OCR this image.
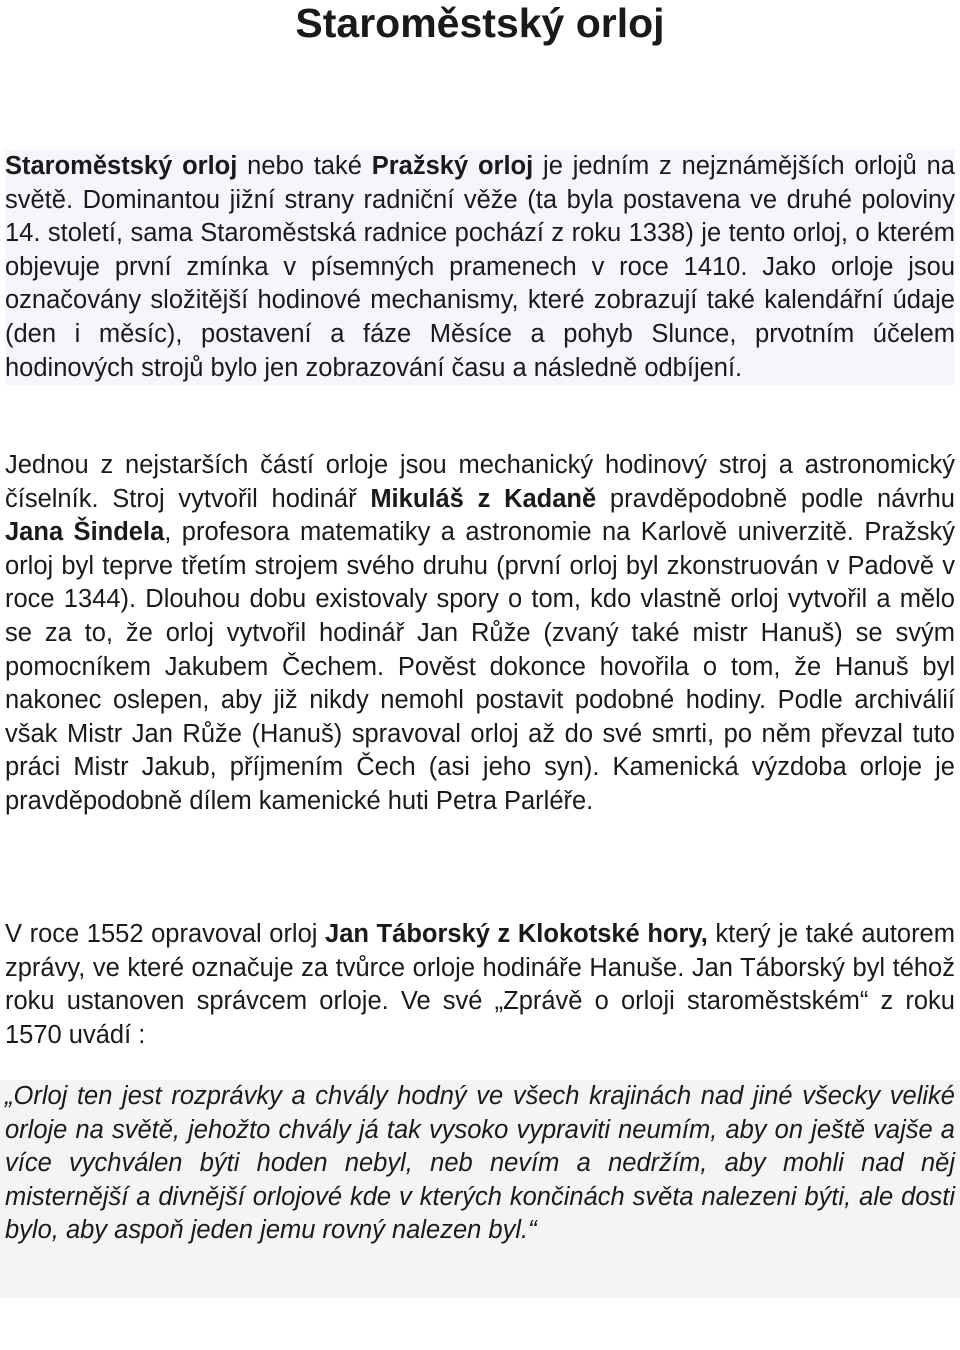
Staroměstský orloj

Staroměstský orloj nebo také Pražský orloj je jedním z nejznámějších orlojů na světě. Dominantou jižní strany radniční věže (ta byla postavena ve druhé poloviny 14. století, sama Staroměstská radnice pochází z roku 1338) je tento orloj, o kterém objevuje první zmínka v písemných pramenech v roce 1410. Jako orloje jsou označovány složitější hodinové mechanismy, které zobrazují také kalendářní údaje (den i měsíc), postavení a fáze Měsíce a pohyb Slunce, prvotním účelem hodinových strojů bylo jen zobrazování času a následně odbíjení.

Jednou z nejstarších částí orloje jsou mechanický hodinový stroj a astronomický číselník. Stroj vytvořil hodinář Mikuláš z Kadaně pravděpodobně podle návrhu Jana Šindela, profesora matematiky a astronomie na Karlově univerzitě. Pražský orloj byl teprve třetím strojem svého druhu (první orloj byl zkonstruován v Padově v roce 1344). Dlouhou dobu existovaly spory o tom, kdo vlastně orloj vytvořil a mělo se za to, že orloj vytvořil hodinář Jan Růže (zvaný také mistr Hanuš) se svým pomocníkem Jakubem Čechem. Pověst dokonce hovořila o tom, že Hanuš byl nakonec oslepen, aby již nikdy nemohl postavit podobné hodiny. Podle archiválií však Mistr Jan Růže (Hanuš) spravoval orloj až do své smrti, po něm převzal tuto práci Mistr Jakub, příjmením Čech (asi jeho syn). Kamenická výzdoba orloje je pravděpodobně dílem kamenické huti Petra Parléře.

V roce 1552 opravoval orloj Jan Táborský z Klokotské hory, který je také autorem zprávy, ve které označuje za tvůrce orloje hodináře Hanuše. Jan Táborský byl téhož roku ustanoven správcem orloje. Ve své „Zprávě o orloji staroměstském“ z roku 1570 uvádí :

„Orloj ten jest rozprávky a chvály hodný ve všech krajinách nad jiné všecky veliké orloje na světě, jehožto chvály já tak vysoko vypraviti neumím, aby on ještě vajše a více vychválen býti hoden nebyl, neb nevím a nedržím, aby mohli nad něj misternější a divnější orlojové kde v kterých končinách světa nalezeni býti, ale dosti bylo, aby aspoň jeden jemu rovný nalezen byl.“
